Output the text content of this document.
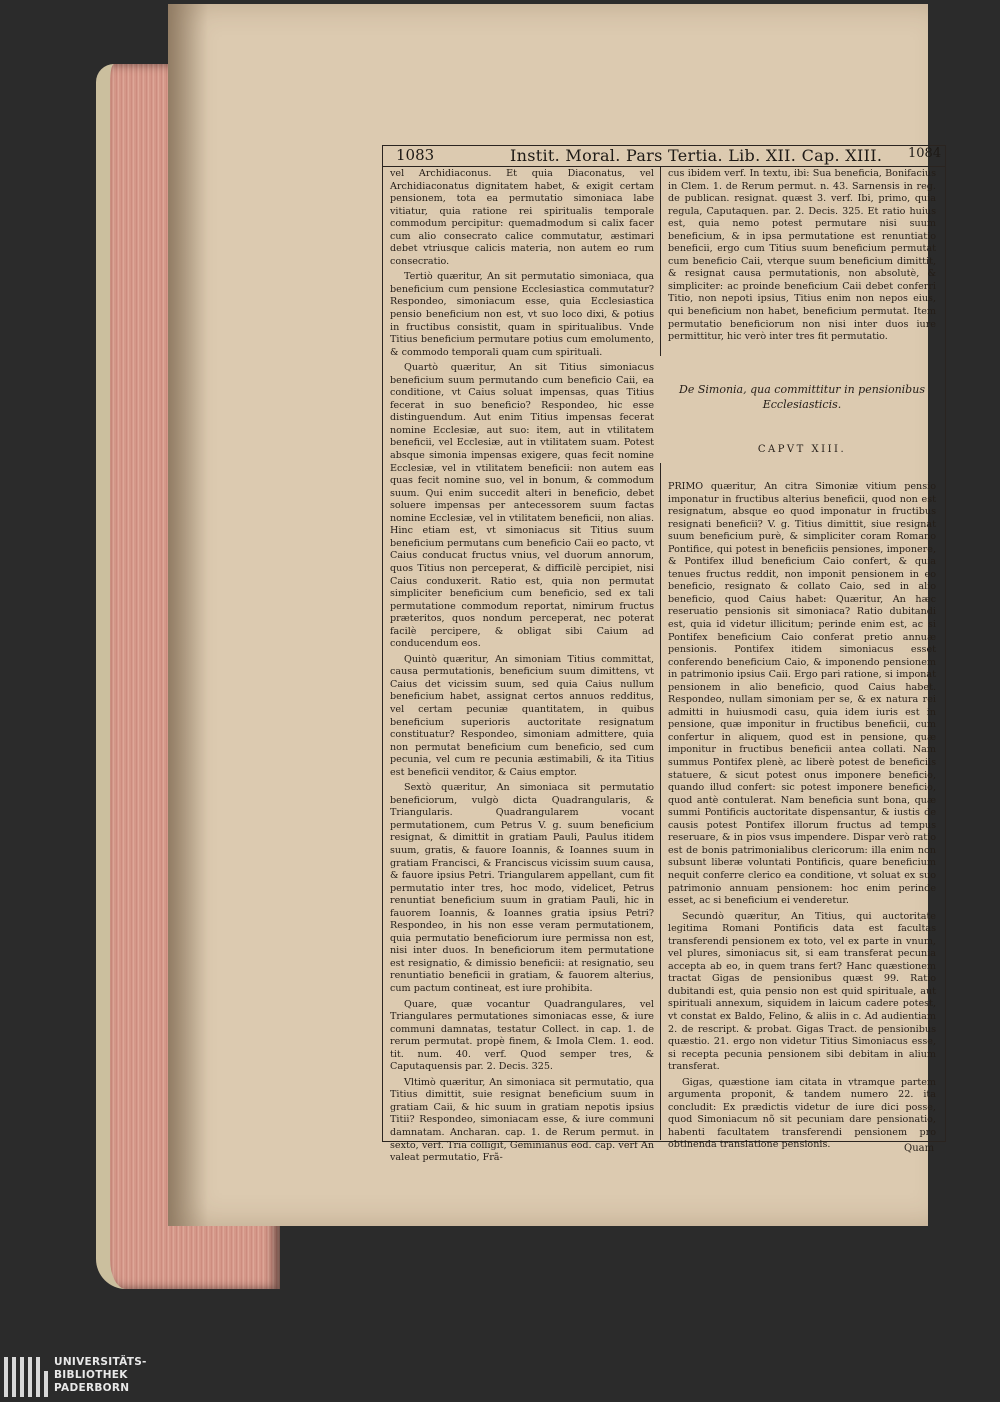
1083	Instit. Moral. Pars Tertia. Lib. XII. Cap. XIII. 1084

vel Archidiaconus. Et quia Diaconatus, vel Archidiaconatus dignitatem habet, & exigit certam pensionem, tota ea permutatio simoniaca labe vitiatur, quia ratione rei spiritualis temporale commodum percipitur: quemadmodum si calix facer cum alio consecrato calice commutatur, æstimari debet vtriusque calicis materia, non autem eo rum consecratio.

Tertiò quæritur, An sit permutatio simoniaca, qua beneficium cum pensione Ecclesiastica commutatur? Respondeo, simoniacum esse, quia Ecclesiastica pensio beneficium non est, vt suo loco dixi, & potius in fructibus consistit, quam in spiritualibus. Vnde Titius beneficium permutare potius cum emolumento, & commodo temporali quam cum spirituali.

Quartò quæritur, An sit Titius simoniacus beneficium suum permutando cum beneficio Caii, ea conditione, vt Caius soluat impensas, quas Titius fecerat in suo beneficio? Respondeo, hic esse distinguendum. Aut enim Titius impensas fecerat nomine Ecclesiæ, aut suo: item, aut in vtilitatem beneficii, vel Ecclesiæ, aut in vtilitatem suam. Potest absque simonia impensas exigere, quas fecit nomine Ecclesiæ, vel in vtilitatem beneficii: non autem eas quas fecit nomine suo, vel in bonum, & commodum suum. Qui enim succedit alteri in beneficio, debet soluere impensas per antecessorem suum factas nomine Ecclesiæ, vel in vtilitatem beneficii, non alias. Hinc etiam est, vt simoniacus sit Titius suum beneficium permutans cum beneficio Caii eo pacto, vt Caius conducat fructus vnius, vel duorum annorum, quos Titius non perceperat, & difficilè percipiet, nisi Caius conduxerit. Ratio est, quia non permutat simpliciter beneficium cum beneficio, sed ex tali permutatione commodum reportat, nimirum fructus præteritos, quos nondum perceperat, nec poterat facilè percipere, & obligat sibi Caium ad conducendum eos.

Quintò quæritur, An simoniam Titius committat, causa permutationis, beneficium suum dimittens, vt Caius det vicissim suum, sed quia Caius nullum beneficium habet, assignat certos annuos redditus, vel certam pecuniæ quantitatem, in quibus beneficium superioris auctoritate resignatum constituatur? Respondeo, simoniam admittere, quia non permutat beneficium cum beneficio, sed cum pecunia, vel cum re pecunia æstimabili, & ita Titius est beneficii venditor, & Caius emptor.

Sextò quæritur, An simoniaca sit permutatio beneficiorum, vulgò dicta Quadrangularis, & Triangularis. Quadrangularem vocant permutationem, cum Petrus V. g. suum beneficium resignat, & dimittit in gratiam Pauli, Paulus itidem suum, gratis, & fauore Ioannis, & Ioannes suum in gratiam Francisci, & Franciscus vicissim suum causa, & fauore ipsius Petri. Triangularem appellant, cum fit permutatio inter tres, hoc modo, videlicet, Petrus renuntiat beneficium suum in gratiam Pauli, hic in fauorem Ioannis, & Ioannes gratia ipsius Petri? Respondeo, in his non esse veram permutationem, quia permutatio beneficiorum iure permissa non est, nisi inter duos. In beneficiorum item permutatione est resignatio, & dimissio beneficii: at resignatio, seu renuntiatio beneficii in gratiam, & fauorem alterius, cum pactum contineat, est iure prohibita.

Quare, quæ vocantur Quadrangulares, vel Triangulares permutationes simoniacas esse, & iure communi damnatas, testatur Collect. in cap. 1. de rerum permutat. propè finem, & Imola Clem. 1. eod. tit. num. 40. verf. Quod semper tres, & Caputaquensis par. 2. Decis. 325.

Vltimò quæritur, An simoniaca sit permutatio, qua Titius dimittit, suie resignat beneficium suum in gratiam Caii, & hic suum in gratiam nepotis ipsius Titii? Respondeo, simoniacam esse, & iure communi damnatam. Ancharan. cap. 1. de Rerum permut. in sexto, verf. Tria colligit, Geminianus eod. cap. verf An valeat permutatio, Frã-

cus ibidem verf. In textu, ibi: Sua beneficia, Bonifacius in Clem. 1. de Rerum permut. n. 43. Sarnensis in reg. de publican. resignat. quæst 3. verf. Ibi, primo, quia regula, Caputaquen. par. 2. Decis. 325. Et ratio huius est, quia nemo potest permutare nisi suum beneficium, & in ipsa permutatione est renuntiatio beneficii, ergo cum Titius suum beneficium permutat cum beneficio Caii, vterque suum beneficium dimittit, & resignat causa permutationis, non absolutè, & simpliciter: ac proinde beneficium Caii debet conferri Titio, non nepoti ipsius, Titius enim non nepos eius, qui beneficium non habet, beneficium permutat. Item permutatio beneficiorum non nisi inter duos iure permittitur, hic verò inter tres fit permutatio.

De Simonia, qua committitur in pensionibus Ecclesiasticis.
CAPVT XIII.

PRIMO quæritur, An citra Simoniæ vitium pensio imponatur in fructibus alterius beneficii, quod non est resignatum, absque eo quod imponatur in fructibus resignati beneficii? V. g. Titius dimittit, siue resignat suum beneficium purè, & simpliciter coram Romano Pontifice, qui potest in beneficiis pensiones, imponere, & Pontifex illud beneficium Caio confert, & quia tenues fructus reddit, non imponit pensionem in eo beneficio, resignato & collato Caio, sed in alio beneficio, quod Caius habet: Quæritur, An hæc reseruatio pensionis sit simoniaca? Ratio dubitandi est, quia id videtur illicitum; perinde enim est, ac si Pontifex beneficium Caio conferat pretio annuæ pensionis. Pontifex itidem simoniacus esset conferendo beneficium Caio, & imponendo pensionem in patrimonio ipsius Caii. Ergo pari ratione, si imponat pensionem in alio beneficio, quod Caius habet. Respondeo, nullam simoniam per se, & ex natura rei admitti in huiusmodi casu, quia idem iuris est in pensione, quæ imponitur in fructibus beneficii, cum confertur in aliquem, quod est in pensione, quæ imponitur in fructibus beneficii antea collati. Nam summus Pontifex plenè, ac liberè potest de beneficiis statuere, & sicut potest onus imponere beneficio, quando illud confert: sic potest imponere beneficio, quod antè contulerat. Nam beneficia sunt bona, quæ summi Pontificis auctoritate dispensantur, & iustis de causis potest Pontifex illorum fructus ad tempus reseruare, & in pios vsus impendere. Dispar verò ratio est de bonis patrimonialibus clericorum: illa enim non subsunt liberæ voluntati Pontificis, quare beneficium nequit conferre clerico ea conditione, vt soluat ex suo patrimonio annuam pensionem: hoc enim perinde esset, ac si beneficium ei venderetur.

Secundò quæritur, An Titius, qui auctoritate legitima Romani Pontificis data est facultas transferendi pensionem ex toto, vel ex parte in vnum, vel plures, simoniacus sit, si eam transferat pecunia accepta ab eo, in quem trans fert? Hanc quæstionem tractat Gigas de pensionibus quæst 99. Ratio dubitandi est, quia pensio non est quid spirituale, aut spirituali annexum, siquidem in laicum cadere potest, vt constat ex Baldo, Felino, & aliis in c. Ad audientiam 2. de rescript. & probat. Gigas Tract. de pensionibus quæstio. 21. ergo non videtur Titius Simoniacus esse, si recepta pecunia pensionem sibi debitam in alium transferat.

Gigas, quæstione iam citata in vtramque partem argumenta proponit, & tandem numero 22. ita concludit: Ex prædictis videtur de iure dici posse, quod Simoniacum nõ sit pecuniam dare pensionatio, habenti facultatem transferendi pensionem pro obtinenda translatione pensionis.	Quam
UNIVERSITÄTS-
BIBLIOTHEK
PADERBORN
